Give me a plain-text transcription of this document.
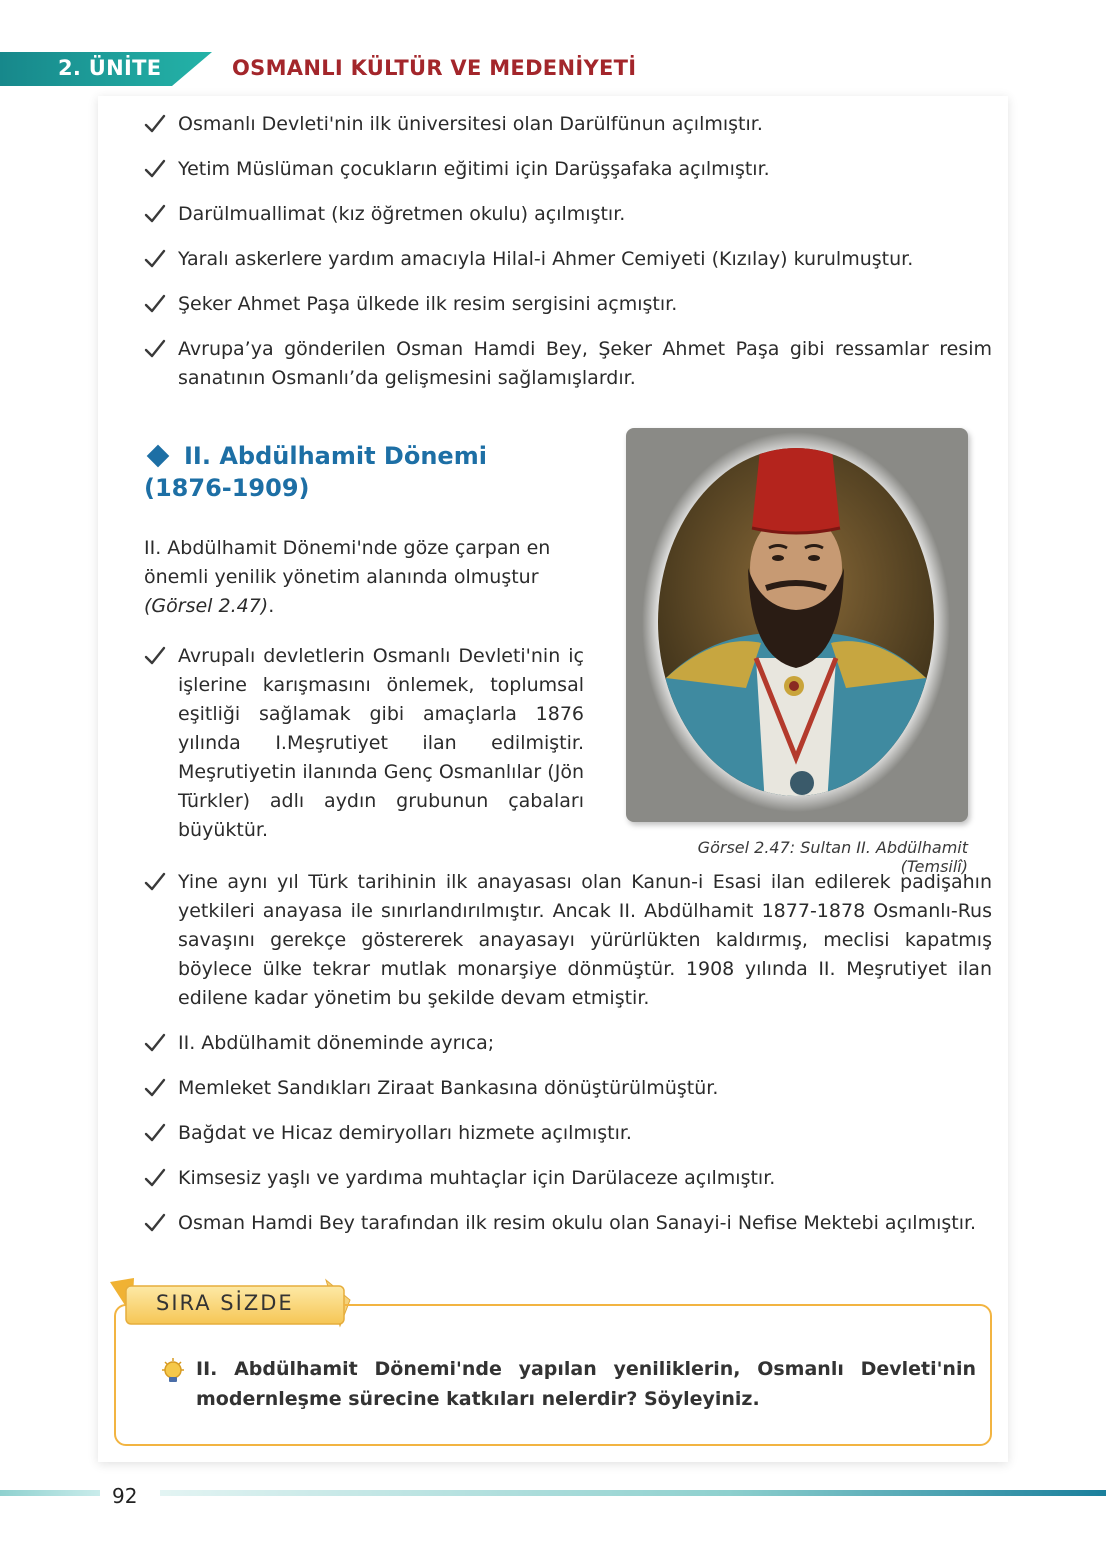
2. ÜNİTE	OSMANLI KÜLTÜR VE MEDENİYETİ
Osmanlı Devleti'nin ilk üniversitesi olan Darülfünun açılmıştır.
Yetim Müslüman çocukların eğitimi için Darüşşafaka açılmıştır.
Darülmuallimat (kız öğretmen okulu) açılmıştır.
Yaralı askerlere yardım amacıyla Hilal-i Ahmer Cemiyeti (Kızılay) kurulmuştur.
Şeker Ahmet Paşa ülkede ilk resim sergisini açmıştır.
Avrupa’ya gönderilen Osman Hamdi Bey, Şeker Ahmet Paşa gibi ressamlar resim sanatının Osmanlı’da gelişmesini sağlamışlardır.
II. Abdülhamit Dönemi (1876-1909)
II. Abdülhamit Dönemi'nde göze çarpan en önemli yenilik yönetim alanında olmuştur (Görsel 2.47).
Avrupalı devletlerin Osmanlı Devleti'nin iç işlerine karışmasını önlemek, toplumsal eşitliği sağlamak gibi amaçlarla 1876 yılında I.Meşrutiyet ilan edilmiştir. Meşrutiyetin ilanında Genç Osmanlılar (Jön Türkler) adlı aydın grubunun çabaları büyüktür.
Görsel 2.47: Sultan II. Abdülhamit (Temsilî)
Yine aynı yıl Türk tarihinin ilk anayasası olan Kanun-i Esasi ilan edilerek padişahın yetkileri anayasa ile sınırlandırılmıştır. Ancak II. Abdülhamit 1877-1878 Osmanlı-Rus savaşını gerekçe göstererek anayasayı yürürlükten kaldırmış, meclisi kapatmış böylece ülke tekrar mutlak monarşiye dönmüştür. 1908 yılında II. Meşrutiyet ilan edilene kadar yönetim bu şekilde devam etmiştir.
II. Abdülhamit döneminde ayrıca;
Memleket Sandıkları Ziraat Bankasına dönüştürülmüştür.
Bağdat ve Hicaz demiryolları hizmete açılmıştır.
Kimsesiz yaşlı ve yardıma muhtaçlar için Darülaceze açılmıştır.
Osman Hamdi Bey tarafından ilk resim okulu olan Sanayi-i Nefise Mektebi açılmıştır.
SIRA SİZDE
II. Abdülhamit Dönemi'nde yapılan yeniliklerin, Osmanlı Devleti'nin modernleşme sürecine katkıları nelerdir? Söyleyiniz.
92
